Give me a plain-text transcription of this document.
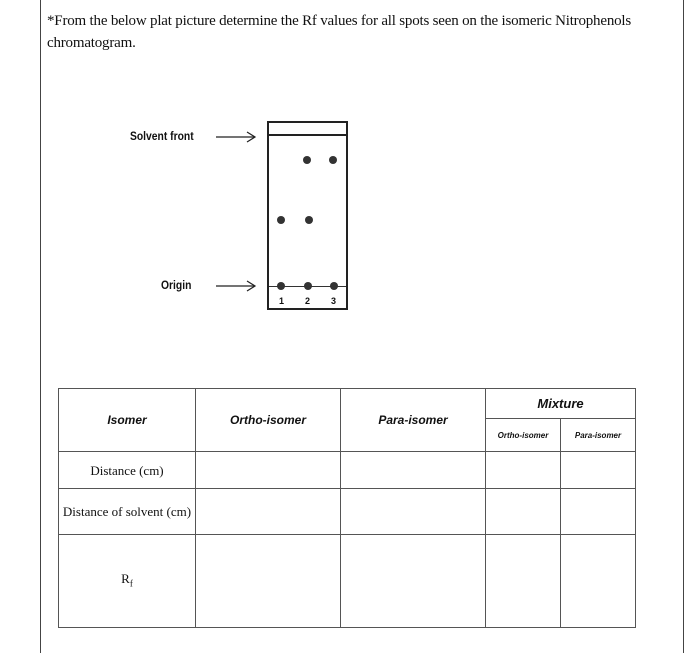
*From the below plat picture determine the Rf values for all spots seen on the isomeric Nitrophenols chromatogram.
Solvent front
Origin
1 2 3
Isomer	Ortho-isomer	Para-isomer	Mixture	
			Ortho-isomer	Para-isomer
Distance (cm)				
Distance of solvent (cm)				
$R_f$				
